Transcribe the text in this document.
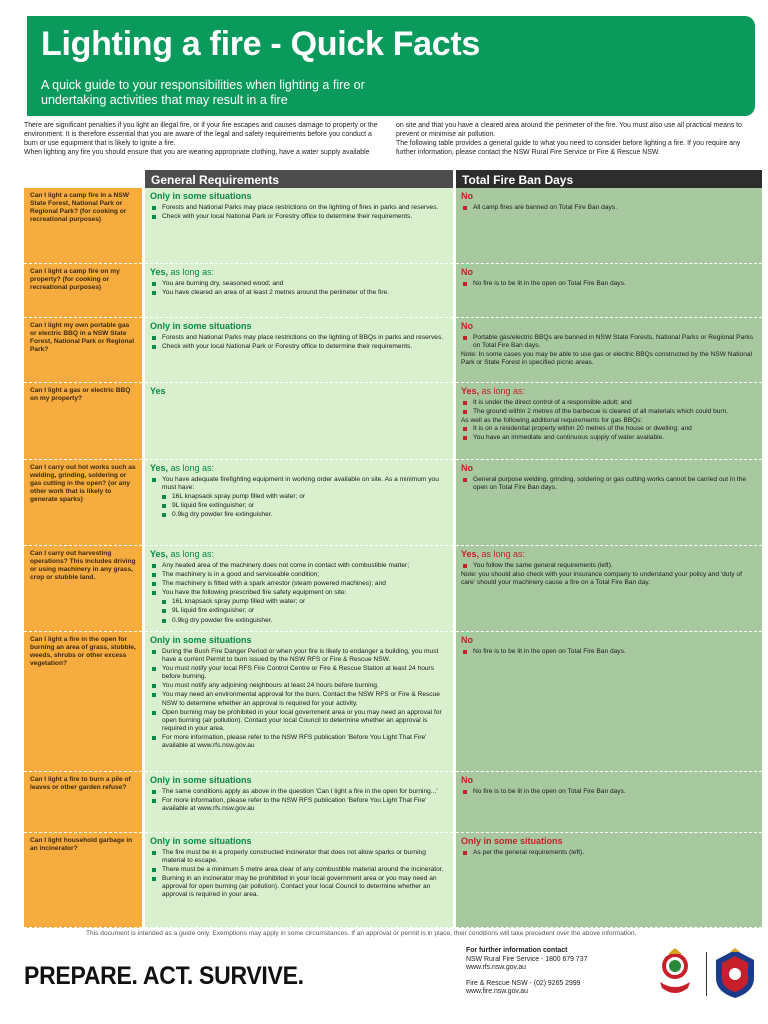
Lighting a fire - Quick Facts

A quick guide to your responsibilities when lighting a fire or undertaking activities that may result in a fire

There are significant penalties if you light an illegal fire, or if your fire escapes and causes damage to property or the environment. It is therefore essential that you are aware of the legal and safety requirements before you conduct a burn or use equipment that is likely to ignite a fire.
When lighting any fire you should ensure that you are wearing appropriate clothing, have a water supply available
on site and that you have a cleared area around the perimeter of the fire. You must also use all practical means to prevent or minimise air pollution.
The following table provides a general guide to what you need to consider before lighting a fire. If you require any further information, please contact the NSW Rural Fire Service or Fire & Rescue NSW.
General Requirements	Total Fire Ban Days
Can I light a camp fire in a NSW State Forest, National Park or Regional Park? (for cooking or recreational purposes)
Only in some situations
Forests and National Parks may place restrictions on the lighting of fires in parks and reserves.
Check with your local National Park or Forestry office to determine their requirements.
No
All camp fires are banned on Total Fire Ban days.
Can I light a camp fire on my property? (for cooking or recreational purposes)
Yes, as long as:
You are burning dry, seasoned wood; and
You have cleared an area of at least 2 metres around the perimeter of the fire.
No
No fire is to be lit in the open on Total Fire Ban days.
Can I light my own portable gas or electric BBQ in a NSW State Forest, National Park or Regional Park?
Only in some situations
Forests and National Parks may place restrictions on the lighting of BBQs in parks and reserves.
Check with your local National Park or Forestry office to determine their requirements.
No
Portable gas/electric BBQs are banned in NSW State Forests, National Parks or Regional Parks on Total Fire Ban days.
Note: In some cases you may be able to use gas or electric BBQs constructed by the NSW National Park or State Forest in specified picnic areas.
Can I light a gas or electric BBQ on my property?
Yes	Yes, as long as:
It is under the direct control of a responsible adult; and
The ground within 2 metres of the barbecue is cleared of all materials which could burn.
As well as the following additional requirements for gas BBQs:
It is on a residential property within 20 metres of the house or dwelling; and
You have an immediate and continuous supply of water available.
Can I carry out hot works such as welding, grinding, soldering or gas cutting in the open? (or any other work that is likely to generate sparks)
Yes, as long as:
You have adequate firefighting equipment in working order available on site. As a minimum you must have:
16L knapsack spray pump filled with water; or
9L liquid fire extinguisher; or
0.9kg dry powder fire extinguisher.
No
General purpose welding, grinding, soldering or gas cutting works cannot be carried out in the open on Total Fire Ban days.
Can I carry out harvesting operations? This includes driving or using machinery in any grass, crop or stubble land.
Yes, as long as:
Any heated area of the machinery does not come in contact with combustible matter;
The machinery is in a good and serviceable condition;
The machinery is fitted with a spark arrestor (steam powered machines); and
You have the following prescribed fire safety equipment on site:
16L knapsack spray pump filled with water; or
9L liquid fire extinguisher; or
0.9kg dry powder fire extinguisher.
Yes, as long as:
You follow the same general requirements (left).
Note: you should also check with your insurance company to understand your policy and 'duty of care' should your machinery cause a fire on a Total Fire Ban day.
Can I light a fire in the open for burning an area of grass, stubble, weeds, shrubs or other excess vegetation?
Only in some situations
During the Bush Fire Danger Period or when your fire is likely to endanger a building, you must have a current Permit to burn issued by the NSW RFS or Fire & Rescue NSW.
You must notify your local RFS Fire Control Centre or Fire & Rescue Station at least 24 hours before burning.
You must notify any adjoining neighbours at least 24 hours before burning.
You may need an environmental approval for the burn. Contact the NSW RFS or Fire & Rescue NSW to determine whether an approval is required for your activity.
Open burning may be prohibited in your local government area or you may need an approval for open burning (air pollution). Contact your local Council to determine whether an approval is required in your area.
For more information, please refer to the NSW RFS publication 'Before You Light That Fire' available at www.rfs.nsw.gov.au
No
No fire is to be lit in the open on Total Fire Ban days.
Can I light a fire to burn a pile of leaves or other garden refuse?
Only in some situations
The same conditions apply as above in the question 'Can I light a fire in the open for burning...'
For more information, please refer to the NSW RFS publication 'Before You Light That Fire' available at www.rfs.nsw.gov.au
No
No fire is to be lit in the open on Total Fire Ban days.
Can I light household garbage in an incinerator?
Only in some situations
The fire must be in a properly constructed incinerator that does not allow sparks or burning material to escape.
There must be a minimum 5 metre area clear of any combustible material around the incinerator.
Burning in an incinerator may be prohibited in your local government area or you may need an approval for open burning (air pollution). Contact your local Council to determine whether an approval is required in your area.
Only in some situations
As per the general requirements (left).
This document is intended as a guide only. Exemptions may apply in some circumstances. If an approval or permit is in place, their conditions will take precedent over the above information.
PREPARE. ACT. SURVIVE.
For further information contact
NSW Rural Fire Service - 1800 679 737
www.rfs.nsw.gov.au
Fire & Rescue NSW - (02) 9265 2999
www.fire.nsw.gov.au
